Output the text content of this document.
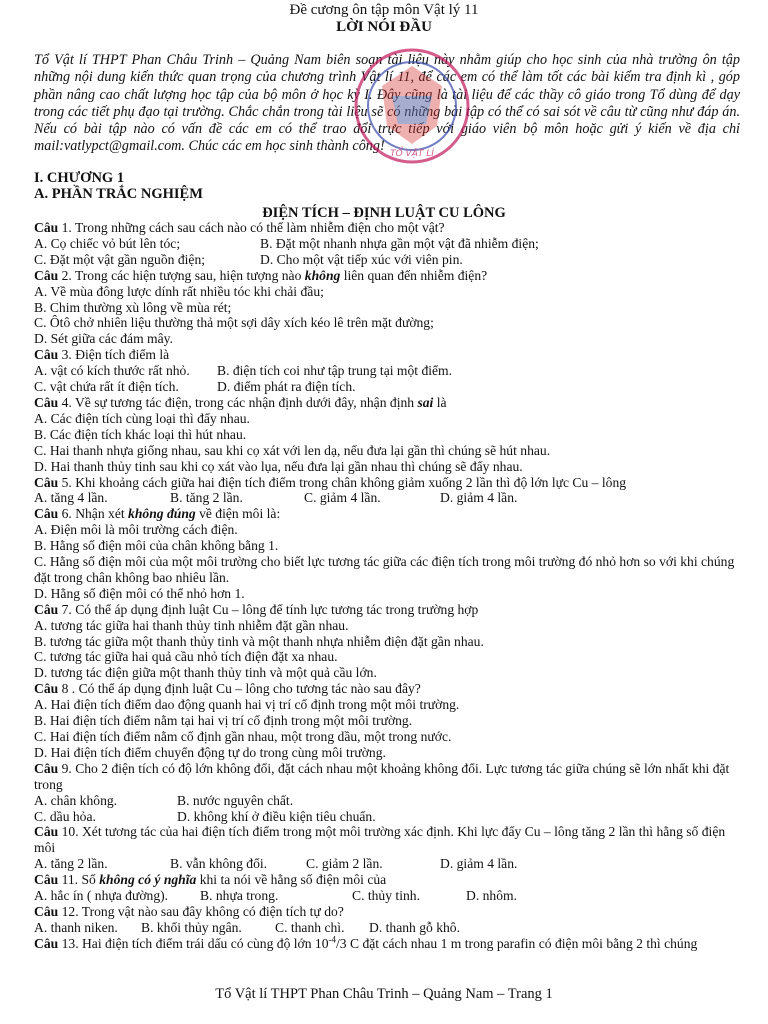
Đề cương ôn tập môn Vật lý 11
LỜI NÓI ĐẦU
TỔ VẬT LÍ
Tổ Vật lí THPT Phan Châu Trinh – Quảng Nam biên soạn tài liệu này nhằm giúp cho học sinh của nhà trường ôn tập những nội dung kiến thức quan trọng của chương trình Vật lí 11, để các em có thể làm tốt các bài kiểm tra định kì , góp phần nâng cao chất lượng học tập của bộ môn ở học kỳ I. Đây cũng là tài liệu để các thầy cô giáo trong Tổ dùng để dạy trong các tiết phụ đạo tại trường. Chắc chắn trong tài liệu sẽ có những bài tập có thể có sai sót về câu từ cũng như đáp án. Nếu có bài tập nào có vấn đề các em có thể trao đổi trực tiếp với giáo viên bộ môn hoặc gửi ý kiến về địa chỉ mail:vatlypct@gmail.com. Chúc các em học sinh thành công!
I. CHƯƠNG 1
A. PHẦN TRẮC NGHIỆM
ĐIỆN TÍCH – ĐỊNH LUẬT CU LÔNG

Câu 1. Trong những cách sau cách nào có thể làm nhiễm điện cho một vật?

A. Cọ chiếc vỏ bút lên tóc;	B. Đặt một nhanh nhựa gần một vật đã nhiễm điện;
C. Đặt một vật gần nguồn điện;	D. Cho một vật tiếp xúc với viên pin.

Câu 2. Trong các hiện tượng sau, hiện tượng nào không liên quan đến nhiễm điện?

A. Về mùa đông lược dính rất nhiều tóc khi chải đầu;

B. Chim thường xù lông về mùa rét;

C. Ôtô chở nhiên liệu thường thả một sợi dây xích kéo lê trên mặt đường;

D. Sét giữa các đám mây.

Câu 3. Điện tích điểm là

A. vật có kích thước rất nhỏ.	B. điện tích coi như tập trung tại một điểm.
C. vật chứa rất ít điện tích.	D. điểm phát ra điện tích.

Câu 4. Về sự tương tác điện, trong các nhận định dưới đây, nhận định sai là

A. Các điện tích cùng loại thì đẩy nhau.

B. Các điện tích khác loại thì hút nhau.

C. Hai thanh nhựa giống nhau, sau khi cọ xát với len dạ, nếu đưa lại gần thì chúng sẽ hút nhau.

D. Hai thanh thủy tinh sau khi cọ xát vào lụa, nếu đưa lại gần nhau thì chúng sẽ đẩy nhau.

Câu 5. Khi khoảng cách giữa hai điện tích điểm trong chân không giảm xuống 2 lần thì độ lớn lực Cu – lông

A. tăng 4 lần.	B. tăng 2 lần.	C. giảm 4 lần.	D. giảm 4 lần.

Câu 6. Nhận xét không đúng về điện môi là:

A. Điện môi là môi trường cách điện.

B. Hằng số điện môi của chân không bằng 1.

C. Hằng số điện môi của một môi trường cho biết lực tương tác giữa các điện tích trong môi trường đó nhỏ hơn so với khi chúng đặt trong chân không bao nhiêu lần.

D. Hằng số điện môi có thể nhỏ hơn 1.

Câu 7. Có thể áp dụng định luật Cu – lông để tính lực tương tác trong trường hợp

A. tương tác giữa hai thanh thủy tinh nhiễm đặt gần nhau.

B. tương tác giữa một thanh thủy tinh và một thanh nhựa nhiễm điện đặt gần nhau.

C. tương tác giữa hai quả cầu nhỏ tích điện đặt xa nhau.

D. tương tác điện giữa một thanh thủy tinh và một quả cầu lớn.

Câu 8 . Có thể áp dụng định luật Cu – lông cho tương tác nào sau đây?

A. Hai điện tích điểm dao động quanh hai vị trí cố định trong một môi trường.

B. Hai điện tích điểm nằm tại hai vị trí cố định trong một môi trường.

C. Hai điện tích điểm nằm cố định gần nhau, một trong dầu, một trong nước.

D. Hai điện tích điểm chuyển động tự do trong cùng môi trường.

Câu 9. Cho 2 điện tích có độ lớn không đổi, đặt cách nhau một khoảng không đổi. Lực tương tác giữa chúng sẽ lớn nhất khi đặt trong

A. chân không.	B. nước nguyên chất.
C. dầu hỏa.	D. không khí ở điều kiện tiêu chuẩn.

Câu 10. Xét tương tác của hai điện tích điểm trong một môi trường xác định. Khi lực đẩy Cu – lông tăng 2 lần thì hằng số điện môi

A. tăng 2 lần.	B. vẫn không đổi.	C. giảm 2 lần.	D. giảm 4 lần.

Câu 11. Số không có ý nghĩa khi ta nói về hằng số điện môi của

A. hắc ín ( nhựa đường).	B. nhựa trong.	C. thủy tinh.	D. nhôm.

Câu 12. Trong vật nào sau đây không có điện tích tự do?

A. thanh niken.	B. khối thủy ngân.	C. thanh chì.	D. thanh gỗ khô.

Câu 13. Hai điện tích điểm trái dấu có cùng độ lớn $10^{-4}/3$ C đặt cách nhau 1 m trong parafin có điện môi bằng 2 thì chúng

Tổ Vật lí THPT Phan Châu Trinh – Quảng Nam – Trang 1
